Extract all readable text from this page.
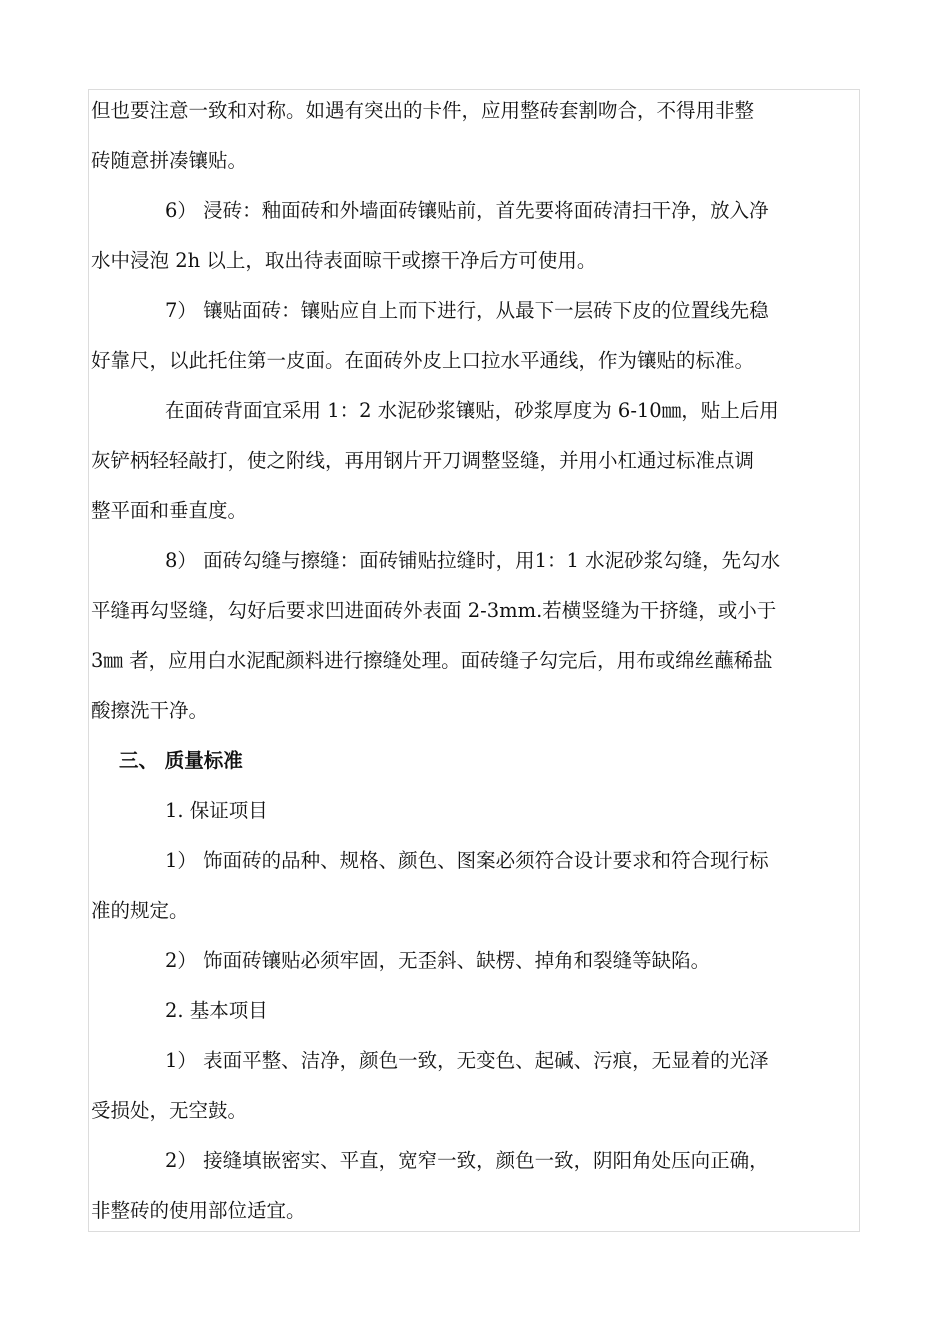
但也要注意一致和对称。如遇有突出的卡件，应用整砖套割吻合，不得用非整
砖随意拼凑镶贴。

6） 浸砖：釉面砖和外墙面砖镶贴前，首先要将面砖清扫干净，放入净
水中浸泡 2h 以上，取出待表面晾干或擦干净后方可使用。

7） 镶贴面砖：镶贴应自上而下进行，从最下一层砖下皮的位置线先稳
好靠尺，以此托住第一皮面。在面砖外皮上口拉水平通线，作为镶贴的标准。

在面砖背面宜采用 1：2 水泥砂浆镶贴，砂浆厚度为 6-10㎜，贴上后用
灰铲柄轻轻敲打，使之附线，再用钢片开刀调整竖缝，并用小杠通过标准点调
整平面和垂直度。

8） 面砖勾缝与擦缝：面砖铺贴拉缝时，用1：1 水泥砂浆勾缝，先勾水
平缝再勾竖缝，勾好后要求凹进面砖外表面 2-3mm.若横竖缝为干挤缝，或小于
3㎜ 者，应用白水泥配颜料进行擦缝处理。面砖缝子勾完后，用布或绵丝蘸稀盐
酸擦洗干净。

三、 质量标准

1. 保证项目

1） 饰面砖的品种、规格、颜色、图案必须符合设计要求和符合现行标
准的规定。

2） 饰面砖镶贴必须牢固，无歪斜、缺楞、掉角和裂缝等缺陷。

2. 基本项目

1） 表面平整、洁净，颜色一致，无变色、起碱、污痕，无显着的光泽
受损处，无空鼓。

2） 接缝填嵌密实、平直，宽窄一致，颜色一致，阴阳角处压向正确，
非整砖的使用部位适宜。
